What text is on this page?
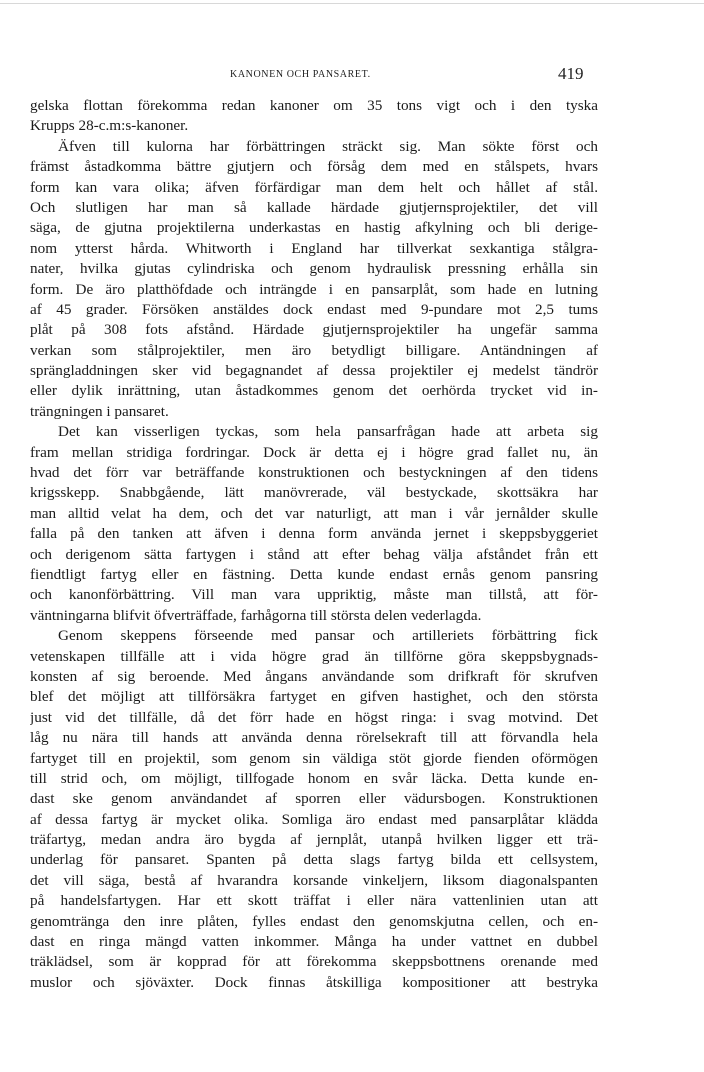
KANONEN OCH PANSARET.	419
gelska flottan förekomma redan kanoner om 35 tons vigt och i den tyska
Krupps 28-c.m:s-kanoner.
Äfven till kulorna har förbättringen sträckt sig. Man sökte först och
främst åstadkomma bättre gjutjern och försåg dem med en stålspets, hvars
form kan vara olika; äfven förfärdigar man dem helt och hållet af stål.
Och slutligen har man så kallade härdade gjutjernsprojektiler, det vill
säga, de gjutna projektilerna underkastas en hastig afkylning och bli derige-
nom ytterst hårda. Whitworth i England har tillverkat sexkantiga stålgra-
nater, hvilka gjutas cylindriska och genom hydraulisk pressning erhålla sin
form. De äro platthöfdade och inträngde i en pansarplåt, som hade en lutning
af 45 grader. Försöken anstäldes dock endast med 9-pundare mot 2,5 tums
plåt på 308 fots afstånd. Härdade gjutjernsprojektiler ha ungefär samma
verkan som stålprojektiler, men äro betydligt billigare. Antändningen af
sprängladdningen sker vid begagnandet af dessa projektiler ej medelst tändrör
eller dylik inrättning, utan åstadkommes genom det oerhörda trycket vid in-
trängningen i pansaret.
Det kan visserligen tyckas, som hela pansarfrågan hade att arbeta sig
fram mellan stridiga fordringar. Dock är detta ej i högre grad fallet nu, än
hvad det förr var beträffande konstruktionen och bestyckningen af den tidens
krigsskepp. Snabbgående, lätt manövrerade, väl bestyckade, skottsäkra har
man alltid velat ha dem, och det var naturligt, att man i vår jernålder skulle
falla på den tanken att äfven i denna form använda jernet i skeppsbyggeriet
och derigenom sätta fartygen i stånd att efter behag välja afståndet från ett
fiendtligt fartyg eller en fästning. Detta kunde endast ernås genom pansring
och kanonförbättring. Vill man vara uppriktig, måste man tillstå, att för-
väntningarna blifvit öfverträffade, farhågorna till största delen vederlagda.
Genom skeppens förseende med pansar och artilleriets förbättring fick
vetenskapen tillfälle att i vida högre grad än tillförne göra skeppsbygnads-
konsten af sig beroende. Med ångans användande som drifkraft för skrufven
blef det möjligt att tillförsäkra fartyget en gifven hastighet, och den största
just vid det tillfälle, då det förr hade en högst ringa: i svag motvind. Det
låg nu nära till hands att använda denna rörelsekraft till att förvandla hela
fartyget till en projektil, som genom sin väldiga stöt gjorde fienden oförmögen
till strid och, om möjligt, tillfogade honom en svår läcka. Detta kunde en-
dast ske genom användandet af sporren eller vädursbogen. Konstruktionen
af dessa fartyg är mycket olika. Somliga äro endast med pansarplåtar klädda
träfartyg, medan andra äro bygda af jernplåt, utanpå hvilken ligger ett trä-
underlag för pansaret. Spanten på detta slags fartyg bilda ett cellsystem,
det vill säga, bestå af hvarandra korsande vinkeljern, liksom diagonalspanten
på handelsfartygen. Har ett skott träffat i eller nära vattenlinien utan att
genomtränga den inre plåten, fylles endast den genomskjutna cellen, och en-
dast en ringa mängd vatten inkommer. Många ha under vattnet en dubbel
träklädsel, som är kopprad för att förekomma skeppsbottnens orenande med
muslor och sjöväxter. Dock finnas åtskilliga kompositioner att bestryka
